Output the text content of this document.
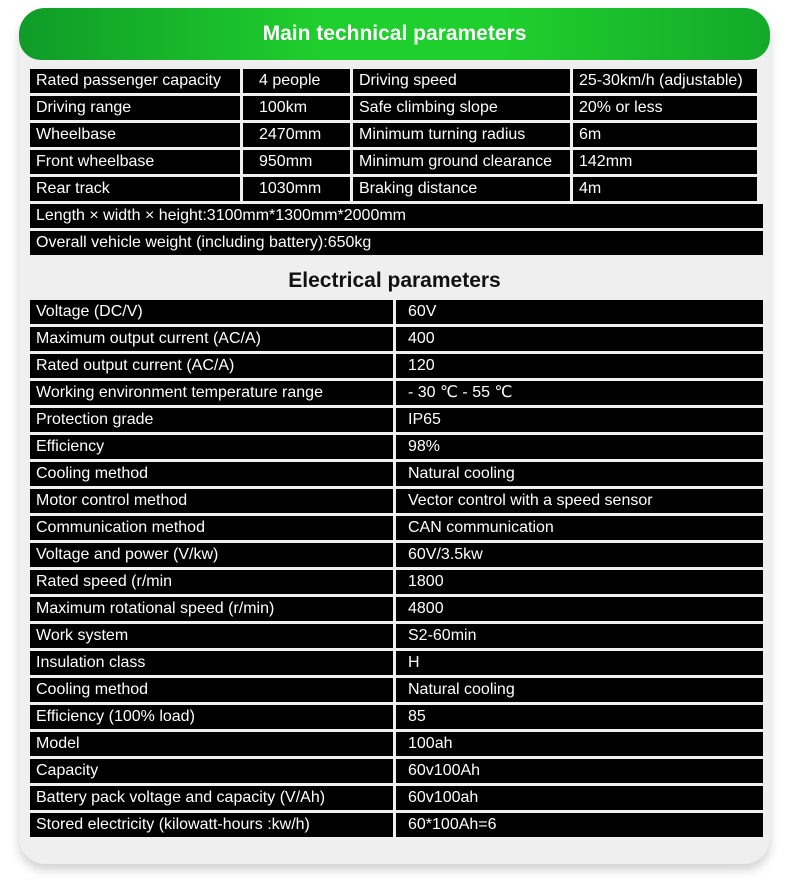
Main technical parameters
Rated passenger capacity	4 people	Driving speed	25-30km/h (adjustable)
Driving range	100km	Safe climbing slope	20% or less
Wheelbase	2470mm	Minimum turning radius	6m
Front wheelbase	950mm	Minimum ground clearance	142mm
Rear track	1030mm	Braking distance	4m
Length × width × height:3100mm*1300mm*2000mm
Overall vehicle weight (including battery):650kg
Electrical parameters
Voltage (DC/V)	60V
Maximum output current (AC/A)	400
Rated output current (AC/A)	120
Working environment temperature range	- 30 ℃ - 55 ℃
Protection grade	IP65
Efficiency	98%
Cooling method	Natural cooling
Motor control method	Vector control with a speed sensor
Communication method	CAN communication
Voltage and power (V/kw)	60V/3.5kw
Rated speed (r/min	1800
Maximum rotational speed (r/min)	4800
Work system	S2-60min
Insulation class	H
Cooling method	Natural cooling
Efficiency (100% load)	85
Model	100ah
Capacity	60v100Ah
Battery pack voltage and capacity (V/Ah)	60v100ah
Stored electricity (kilowatt-hours :kw/h)	60*100Ah=6
